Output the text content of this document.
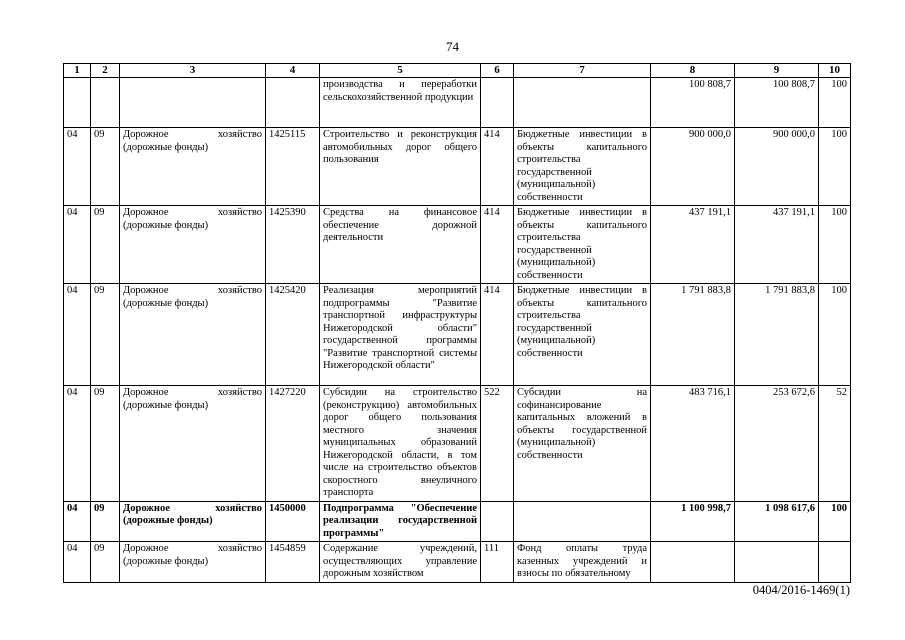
74
1	2	3	4	5	6	7	8	9	10
				производства и переработки сельскохозяйственной продукции			100 808,7	100 808,7	100
04	09	Дорожное хозяйство (дорожные фонды)	1425115	Строительство и реконструкция автомобильных дорог общего пользования	414	Бюджетные инвестиции в объекты капитального строительства государственной (муниципальной) собственности	900 000,0	900 000,0	100
04	09	Дорожное хозяйство (дорожные фонды)	1425390	Средства на финансовое обеспечение дорожной деятельности	414	Бюджетные инвестиции в объекты капитального строительства государственной (муниципальной) собственности	437 191,1	437 191,1	100
04	09	Дорожное хозяйство (дорожные фонды)	1425420	Реализация мероприятий подпрограммы "Развитие транспортной инфраструктуры Нижегородской области" государственной программы "Развитие транспортной системы Нижегородской области"	414	Бюджетные инвестиции в объекты капитального строительства государственной (муниципальной) собственности	1 791 883,8	1 791 883,8	100
04	09	Дорожное хозяйство (дорожные фонды)	1427220	Субсидии на строительство (реконструкцию) автомобильных дорог общего пользования местного значения муниципальных образований Нижегородской области, в том числе на строительство объектов скоростного внеуличного транспорта	522	Субсидии на софинансирование капитальных вложений в объекты государственной (муниципальной) собственности	483 716,1	253 672,6	52
04	09	Дорожное хозяйство (дорожные фонды)	1450000	Подпрограмма "Обеспечение реализации государственной программы"			1 100 998,7	1 098 617,6	100
04	09	Дорожное хозяйство (дорожные фонды)	1454859	Содержание учреждений, осуществляющих управление дорожным хозяйством	111	Фонд оплаты труда казенных учреждений и взносы по обязательному			
0404/2016-1469(1)
